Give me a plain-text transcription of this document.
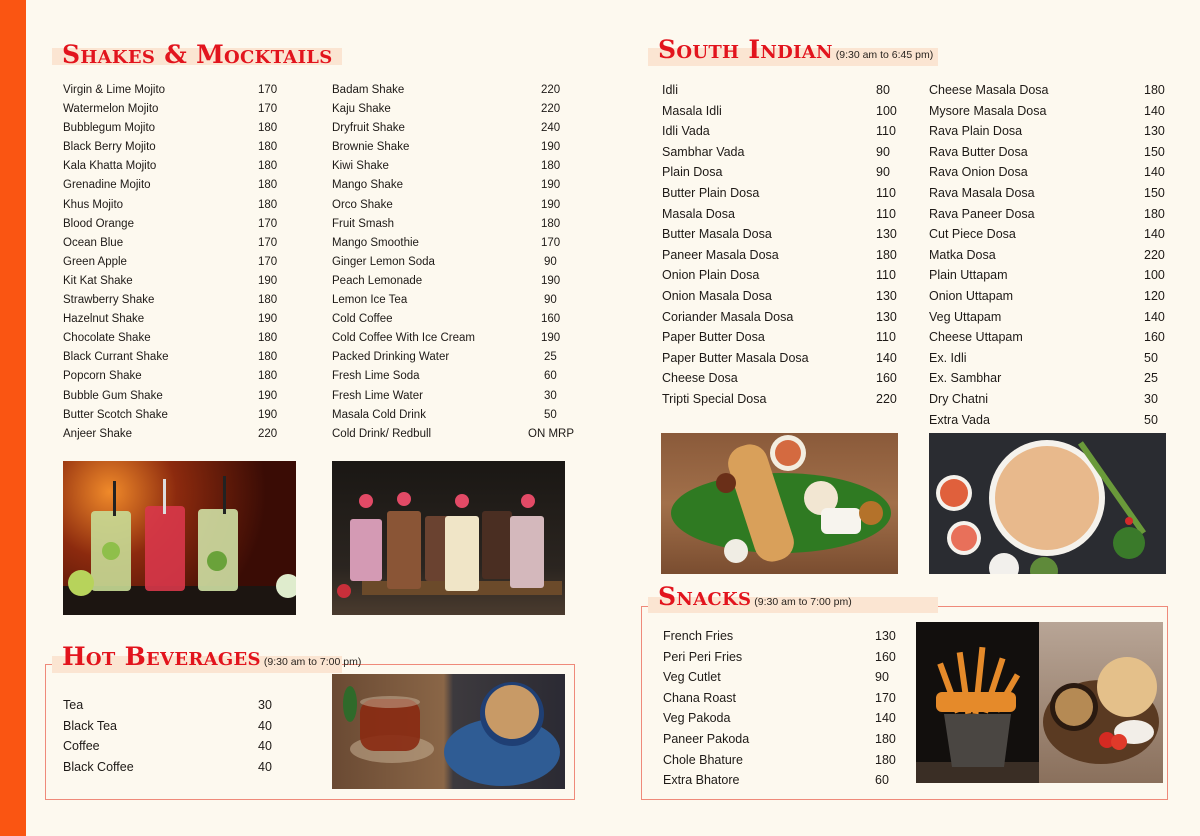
Shakes & Mocktails
Virgin & Lime Mojito	170
Watermelon Mojito	170
Bubblegum Mojito	180
Black Berry Mojito	180
Kala Khatta Mojito	180
Grenadine Mojito	180
Khus Mojito	180
Blood Orange	170
Ocean Blue	170
Green Apple	170
Kit Kat Shake	190
Strawberry Shake	180
Hazelnut Shake	190
Chocolate Shake	180
Black Currant Shake	180
Popcorn Shake	180
Bubble Gum Shake	190
Butter Scotch Shake	190
Anjeer Shake	220
Badam Shake	220
Kaju Shake	220
Dryfruit Shake	240
Brownie Shake	190
Kiwi Shake	180
Mango Shake	190
Orco Shake	190
Fruit Smash	180
Mango Smoothie	170
Ginger Lemon Soda	90
Peach Lemonade	190
Lemon Ice Tea	90
Cold Coffee	160
Cold Coffee With Ice Cream	190
Packed Drinking Water	25
Fresh Lime Soda	60
Fresh Lime Water	30
Masala Cold Drink	50
Cold Drink/ Redbull	ON MRP
Hot Beverages (9:30 am to 7:00 pm)
Tea	30
Black Tea	40
Coffee	40
Black Coffee	40
South Indian (9:30 am to 6:45 pm)
Idli	80
Masala Idli	100
Idli Vada	110
Sambhar Vada	90
Plain Dosa	90
Butter Plain Dosa	110
Masala Dosa	110
Butter Masala Dosa	130
Paneer Masala Dosa	180
Onion Plain Dosa	110
Onion Masala Dosa	130
Coriander Masala Dosa	130
Paper Butter Dosa	110
Paper Butter Masala Dosa	140
Cheese Dosa	160
Tripti Special Dosa	220
Cheese Masala Dosa	180
Mysore Masala Dosa	140
Rava Plain Dosa	130
Rava Butter Dosa	150
Rava Onion Dosa	140
Rava Masala Dosa	150
Rava Paneer Dosa	180
Cut Piece Dosa	140
Matka Dosa	220
Plain Uttapam	100
Onion Uttapam	120
Veg Uttapam	140
Cheese Uttapam	160
Ex. Idli	50
Ex. Sambhar	25
Dry Chatni	30
Extra Vada	50
Snacks (9:30 am to 7:00 pm)
French Fries	130
Peri Peri Fries	160
Veg Cutlet	90
Chana Roast	170
Veg Pakoda	140
Paneer Pakoda	180
Chole Bhature	180
Extra Bhatore	60
